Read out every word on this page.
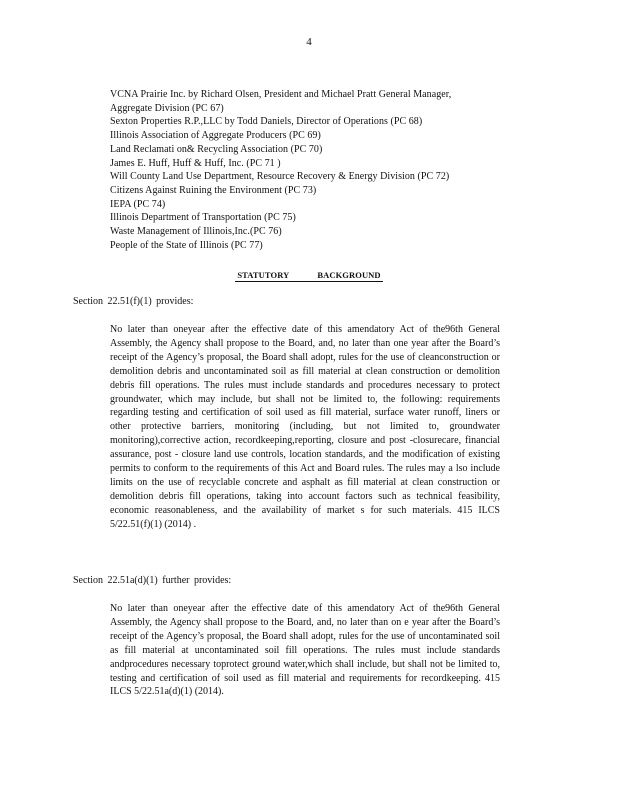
4
VCNA Prairie Inc. by Richard Olsen, President and Michael Pratt General Manager,
Aggregate Division (PC 67)
Sexton Properties R.P.,LLC by Todd Daniels, Director of Operations (PC 68)
Illinois Association of Aggregate Producers (PC 69)
Land Reclamati on& Recycling Association (PC 70)
James E. Huff, Huff & Huff, Inc. (PC 71 )
Will County Land Use Department, Resource Recovery & Energy Division (PC 72)
Citizens Against Ruining the Environment (PC 73)
IEPA (PC 74)
Illinois Department of Transportation (PC 75)
Waste Management of Illinois,Inc.(PC 76)
People of the State of Illinois (PC 77)
STATUTORY BACKGROUND
Section 22.51(f)(1) provides:
No later than oneyear after the effective date of this amendatory Act of the96th General Assembly, the Agency shall propose to the Board, and, no later than one year after the Board’s receipt of the Agency’s proposal, the Board shall adopt, rules for the use of cleanconstruction or demolition debris and uncontaminated soil as fill material at clean construction or demolition debris fill operations. The rules must include standards and procedures necessary to protect groundwater, which may include, but shall not be limited to, the following: requirements regarding testing and certification of soil used as fill material, surface water runoff, liners or other protective barriers, monitoring (including, but not limited to, groundwater monitoring),corrective action, recordkeeping,reporting, closure and post -closurecare, financial assurance, post - closure land use controls, location standards, and the modification of existing permits to conform to the requirements of this Act and Board rules. The rules may a lso include limits on the use of recyclable concrete and asphalt as fill material at clean construction or demolition debris fill operations, taking into account factors such as technical feasibility, economic reasonableness, and the availability of market s for such materials. 415 ILCS 5/22.51(f)(1) (2014) .
Section 22.51a(d)(1) further provides:
No later than oneyear after the effective date of this amendatory Act of the96th General Assembly, the Agency shall propose to the Board, and, no later than on e year after the Board’s receipt of the Agency’s proposal, the Board shall adopt, rules for the use of uncontaminated soil as fill material at uncontaminated soil fill operations. The rules must include standards andprocedures necessary toprotect ground water,which shall include, but shall not be limited to, testing and certification of soil used as fill material and requirements for recordkeeping. 415 ILCS 5/22.51a(d)(1) (2014).
